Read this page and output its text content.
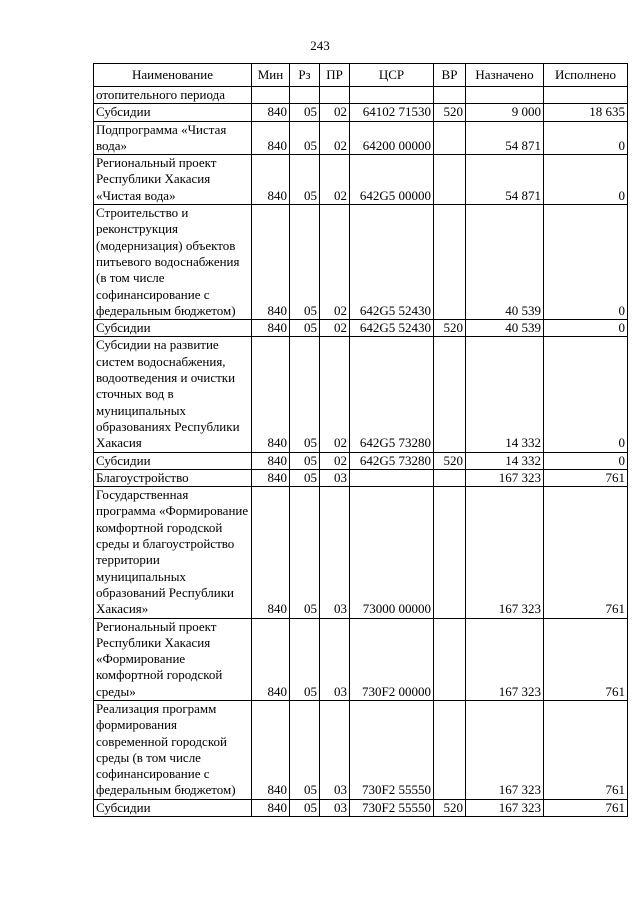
243
Наименование	Мин	Рз	ПР	ЦСР	ВР	Назначено	Исполнено
отопительного периода							
Субсидии	840	05	02	64102 71530	520	9 000	18 635
Подпрограмма «Чистая вода»	840	05	02	64200 00000		54 871	0
Региональный проект Республики Хакасия «Чистая вода»	840	05	02	642G5 00000		54 871	0
Строительство и реконструкция (модернизация) объектов питьевого водоснабжения (в том числе софинансирование с федеральным бюджетом)	840	05	02	642G5 52430		40 539	0
Субсидии	840	05	02	642G5 52430	520	40 539	0
Субсидии на развитие систем водоснабжения, водоотведения и очистки сточных вод в муниципальных образованиях Республики Хакасия	840	05	02	642G5 73280		14 332	0
Субсидии	840	05	02	642G5 73280	520	14 332	0
Благоустройство	840	05	03			167 323	761
Государственная программа «Формирование комфортной городской среды и благоустройство территории муниципальных образований Республики Хакасия»	840	05	03	73000 00000		167 323	761
Региональный проект Республики Хакасия «Формирование комфортной городской среды»	840	05	03	730F2 00000		167 323	761
Реализация программ формирования современной городской среды (в том числе софинансирование с федеральным бюджетом)	840	05	03	730F2 55550		167 323	761
Субсидии	840	05	03	730F2 55550	520	167 323	761
